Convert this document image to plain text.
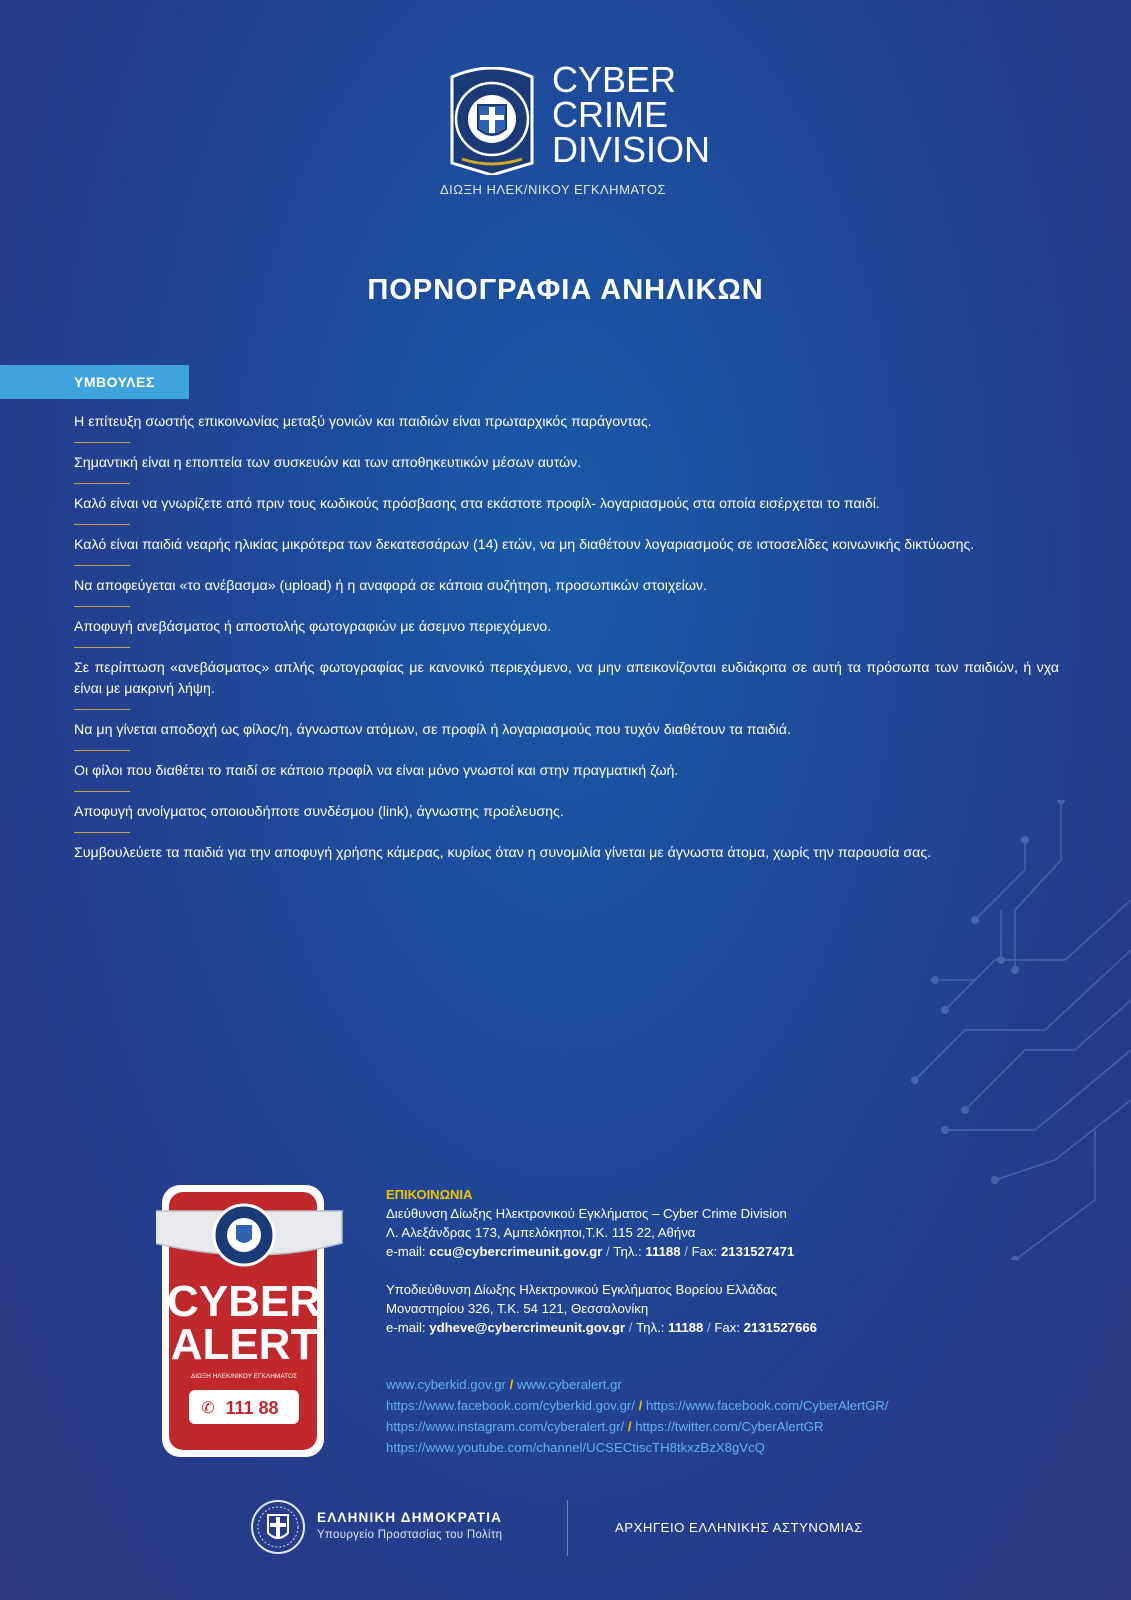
CYBER
CRIME
DIVISION
ΔΙΩΞΗ ΗΛΕΚ/ΝΙΚΟΥ ΕΓΚΛΗΜΑΤΟΣ
ΠΟΡΝΟΓΡΑΦΙΑ ΑΝΗΛΙΚΩΝ
ΥΜΒΟΥΛΕΣ
Η επίτευξη σωστής επικοινωνίας μεταξύ γονιών και παιδιών είναι πρωταρχικός παράγοντας.
Σημαντική είναι η εποπτεία των συσκευών και των αποθηκευτικών μέσων αυτών.
Καλό είναι να γνωρίζετε από πριν τους κωδικούς πρόσβασης στα εκάστοτε προφίλ- λογαριασμούς στα οποία εισέρχεται το παιδί.
Καλό είναι παιδιά νεαρής ηλικίας μικρότερα των δεκατεσσάρων (14) ετών, να μη διαθέτουν λογαριασμούς σε ιστοσελίδες κοινωνικής δικτύωσης.
Να αποφεύγεται «το ανέβασμα» (upload) ή η αναφορά σε κάποια συζήτηση, προσωπικών στοιχείων.
Αποφυγή ανεβάσματος ή αποστολής φωτογραφιών με άσεμνο περιεχόμενο.
Σε περίπτωση «ανεβάσματος» απλής φωτογραφίας με κανονικό περιεχόμενο, να μην απεικονίζονται ευδιάκριτα σε αυτή τα πρόσωπα των παιδιών, ή νχα είναι με μακρινή λήψη.
Να μη γίνεται αποδοχή ως φίλος/η, άγνωστων ατόμων, σε προφίλ ή λογαριασμούς που τυχόν διαθέτουν τα παιδιά.
Οι φίλοι που διαθέτει το παιδί σε κάποιο προφίλ να είναι μόνο γνωστοί και στην πραγματική ζωή.
Αποφυγή ανοίγματος οποιουδήποτε συνδέσμου (link), άγνωστης προέλευσης.
Συμβουλεύετε τα παιδιά για την αποφυγή χρήσης κάμερας, κυρίως όταν η συνομιλία γίνεται με άγνωστα άτομα, χωρίς την παρουσία σας.
CYBER
ALERT
ΔΙΩΞΗ ΗΛΕΚ/ΝΙΚΟΥ ΕΓΚΛΗΜΑΤΟΣ
✆ 111 88
ΕΠΙΚΟΙΝΩΝΙΑ
Διεύθυνση Δίωξης Ηλεκτρονικού Εγκλήματος – Cyber Crime Division
Λ. Αλεξάνδρας 173, Αμπελόκηποι,Τ.Κ. 115 22, Αθήνα
e-mail: ccu@cybercrimeunit.gov.gr / Τηλ.: 11188 / Fax: 2131527471
Υποδιεύθυνση Δίωξης Ηλεκτρονικού Εγκλήματος Βορείου Ελλάδας
Μοναστηρίου 326, Τ.Κ. 54 121, Θεσσαλονίκη
e-mail: ydheve@cybercrimeunit.gov.gr / Τηλ.: 11188 / Fax: 2131527666
www.cyberkid.gov.gr / www.cyberalert.gr
https://www.facebook.com/cyberkid.gov.gr/ / https://www.facebook.com/CyberAlertGR/
https://www.instagram.com/cyberalert.gr/ / https://twitter.com/CyberAlertGR
https://www.youtube.com/channel/UCSECtiscTH8tkxzBzX8gVcQ
ΕΛΛΗΝΙΚΗ ΔΗΜΟΚΡΑΤΙΑ
Υπουργείο Προστασίας του Πολίτη	ΑΡΧΗΓΕΙΟ ΕΛΛΗΝΙΚΗΣ ΑΣΤΥΝΟΜΙΑΣ
